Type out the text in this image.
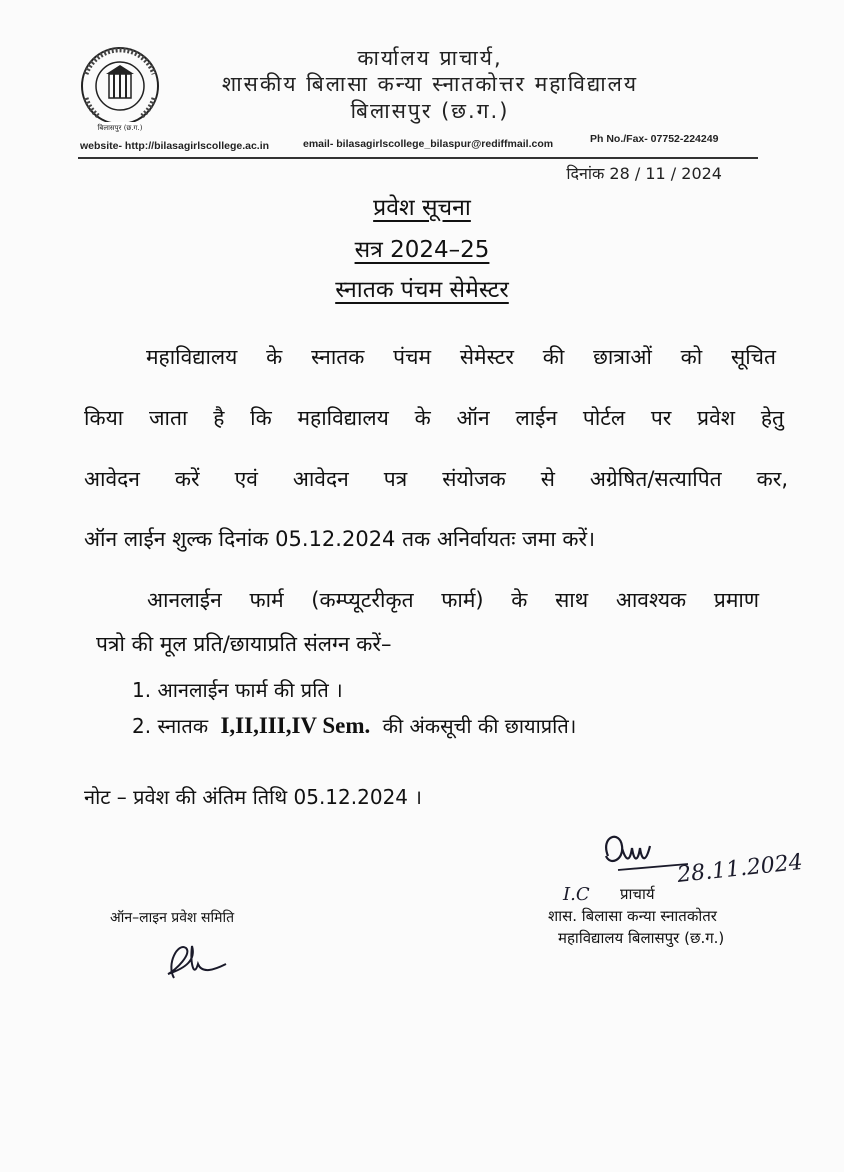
बिलासपुर (छ.ग.)
कार्यालय प्राचार्य,
शासकीय बिलासा कन्या स्नातकोत्तर महाविद्यालय
बिलासपुर (छ.ग.)
website- http://bilasagirlscollege.ac.in	email- bilasagirlscollege_bilaspur@rediffmail.com	Ph No./Fax- 07752-224249
दिनांक 28 / 11 / 2024
प्रवेश सूचना
सत्र 2024–25
स्नातक पंचम सेमेस्टर
महाविद्यालय के स्नातक पंचम सेमेस्टर की छात्राओं को सूचित
किया जाता है कि महाविद्यालय के ऑन लाईन पोर्टल पर प्रवेश हेतु
आवेदन करें एवं आवेदन पत्र संयोजक से अग्रेषित/सत्यापित कर,
ऑन लाईन शुल्क दिनांक 05.12.2024 तक अनिर्वायतः जमा करें।
आनलाईन फार्म (कम्प्यूटरीकृत फार्म) के साथ आवश्यक प्रमाण
पत्रो की मूल प्रति/छायाप्रति संलग्न करें–
1. आनलाईन फार्म की प्रति ।
2. स्नातक I,II,III,IV Sem. की अंकसूची की छायाप्रति।
नोट – प्रवेश की अंतिम तिथि 05.12.2024 ।
28.11.2024
I.C प्राचार्य
शास. बिलासा कन्या स्नातकोतर
महाविद्यालय बिलासपुर (छ.ग.)
ऑन–लाइन प्रवेश समिति
